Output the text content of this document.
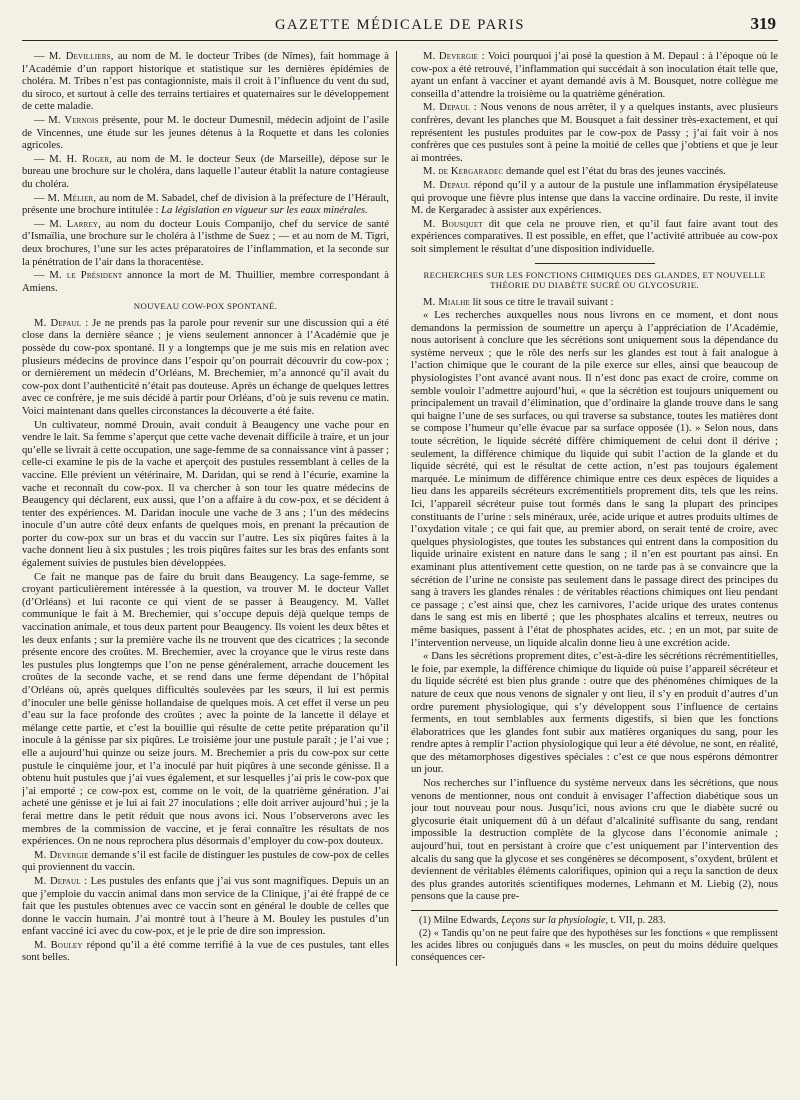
GAZETTE MÉDICALE DE PARIS	319

— M. Devilliers, au nom de M. le docteur Tribes (de Nîmes), fait hommage à l’Académie d’un rapport historique et statistique sur les dernières épidémies de choléra. M. Tribes n’est pas contagionniste, mais il croit à l’influence du vent du sud, du siroco, et surtout à celle des terrains tertiaires et quaternaires sur le développement de cette maladie.

— M. Vernois présente, pour M. le docteur Dumesnil, médecin adjoint de l’asile de Vincennes, une étude sur les jeunes détenus à la Roquette et dans les colonies agricoles.

— M. H. Roger, au nom de M. le docteur Seux (de Marseille), dépose sur le bureau une brochure sur le choléra, dans laquelle l’auteur établit la nature contagieuse du choléra.

— M. Mélier, au nom de M. Sabadel, chef de division à la préfecture de l’Hérault, présente une brochure intitulée : La législation en vigueur sur les eaux minérales.

— M. Larrey, au nom du docteur Louis Companijo, chef du service de santé d’Ismaïlia, une brochure sur le choléra à l’isthme de Suez ; — et au nom de M. Tigri, deux brochures, l’une sur les actes préparatoires de l’inflammation, et la seconde sur la pénétration de l’air dans la thoracentèse.

— M. le Président annonce la mort de M. Thuillier, membre correspondant à Amiens.

NOUVEAU COW-POX SPONTANÉ.

M. Depaul : Je ne prends pas la parole pour revenir sur une discussion qui a été close dans la dernière séance ; je viens seulement annoncer à l’Académie que je possède du cow-pox spontané. Il y a longtemps que je me suis mis en relation avec plusieurs médecins de province dans l’espoir qu’on pourrait découvrir du cow-pox ; or dernièrement un médecin d’Orléans, M. Brechemier, m’a annoncé qu’il avait du cow-pox dont l’authenticité n’était pas douteuse. Après un échange de quelques lettres avec ce confrère, je me suis décidé à partir pour Orléans, d’où je suis revenu ce matin. Voici maintenant dans quelles circonstances la découverte a été faite.

Un cultivateur, nommé Drouin, avait conduit à Beaugency une vache pour en vendre le lait. Sa femme s’aperçut que cette vache devenait difficile à traire, et un jour qu’elle se livrait à cette occupation, une sage-femme de sa connaissance vint à passer ; celle-ci examine le pis de la vache et aperçoit des pustules ressemblant à celles de la vaccine. Elle prévient un vétérinaire, M. Daridan, qui se rend à l’écurie, examine la vache et reconnaît du cow-pox. Il va chercher à son tour les quatre médecins de Beaugency qui déclarent, eux aussi, que l’on a affaire à du cow-pox, et se décident à tenter des expériences. M. Daridan inocule une vache de 3 ans ; l’un des médecins inocule d’un autre côté deux enfants de quelques mois, en prenant la précaution de porter du cow-pox sur un bras et du vaccin sur l’autre. Les six piqûres faites à la vache donnent lieu à six pustules ; les trois piqûres faites sur les bras des enfants sont également suivies de pustules bien développées.

Ce fait ne manque pas de faire du bruit dans Beaugency. La sage-femme, se croyant particulièrement intéressée à la question, va trouver M. le docteur Vallet (d’Orléans) et lui raconte ce qui vient de se passer à Beaugency. M. Vallet communique le fait à M. Brechemier, qui s’occupe depuis déjà quelque temps de vaccination animale, et tous deux partent pour Beaugency. Ils voient les deux bêtes et les deux enfants ; sur la première vache ils ne trouvent que des cicatrices ; la seconde présente encore des croûtes. M. Brechemier, avec la croyance que le virus reste dans les pustules plus longtemps que l’on ne pense généralement, arrache doucement les croûtes de la seconde vache, et se rend dans une ferme dépendant de l’hôpital d’Orléans où, après quelques difficultés soulevées par les sœurs, il lui est permis d’inoculer une belle génisse hollandaise de quelques mois. A cet effet il verse un peu d’eau sur la face profonde des croûtes ; avec la pointe de la lancette il délaye et mélange cette partie, et c’est la bouillie qui résulte de cette petite préparation qu’il inocule à la génisse par six piqûres. Le troisième jour une pustule paraît ; je l’ai vue ; elle a aujourd’hui quinze ou seize jours. M. Brechemier a pris du cow-pox sur cette pustule le cinquième jour, et l’a inoculé par huit piqûres à une seconde génisse. Il a obtenu huit pustules que j’ai vues également, et sur lesquelles j’ai pris le cow-pox que j’ai emporté ; ce cow-pox est, comme on le voit, de la quatrième génération. J’ai acheté une génisse et je lui ai fait 27 inoculations ; elle doit arriver aujourd’hui ; je la ferai mettre dans le petit réduit que nous avons ici. Nous l’observerons avec les membres de la commission de vaccine, et je ferai connaître les résultats de nos expériences. On ne nous reprochera plus désormais d’employer du cow-pox douteux.

M. Devergie demande s’il est facile de distinguer les pustules de cow-pox de celles qui proviennent du vaccin.

M. Depaul : Les pustules des enfants que j’ai vus sont magnifiques. Depuis un an que j’emploie du vaccin animal dans mon service de la Clinique, j’ai été frappé de ce fait que les pustules obtenues avec ce vaccin sont en général le double de celles que donne le vaccin humain. J’ai montré tout à l’heure à M. Bouley les pustules d’un enfant vacciné ici avec du cow-pox, et je le prie de dire son impression.

M. Bouley répond qu’il a été comme terrifié à la vue de ces pustules, tant elles sont belles.

M. Devergie : Voici pourquoi j’ai posé la question à M. Depaul : à l’époque où le cow-pox a été retrouvé, l’inflammation qui succédait à son inoculation était telle que, ayant un enfant à vacciner et ayant demandé avis à M. Bousquet, notre collègue me conseilla d’attendre la troisième ou la quatrième génération.

M. Depaul : Nous venons de nous arrêter, il y a quelques instants, avec plusieurs confrères, devant les planches que M. Bousquet a fait dessiner très-exactement, et qui représentent les pustules produites par le cow-pox de Passy ; j’ai fait voir à nos confrères que ces pustules sont à peine la moitié de celles que j’obtiens et que je leur ai montrées.

M. de Kergaradec demande quel est l’état du bras des jeunes vaccinés.

M. Depaul répond qu’il y a autour de la pustule une inflammation érysipélateuse qui provoque une fièvre plus intense que dans la vaccine ordinaire. Du reste, il invite M. de Kergaradec à assister aux expériences.

M. Bousquet dit que cela ne prouve rien, et qu’il faut faire avant tout des expériences comparatives. Il est possible, en effet, que l’activité attribuée au cow-pox soit simplement le résultat d’une disposition individuelle.

RECHERCHES SUR LES FONCTIONS CHIMIQUES DES GLANDES, ET NOUVELLE THÉORIE DU DIABÈTE SUCRÉ OU GLYCOSURIE.

M. Mialhe lit sous ce titre le travail suivant :

« Les recherches auxquelles nous nous livrons en ce moment, et dont nous demandons la permission de soumettre un aperçu à l’appréciation de l’Académie, nous autorisent à conclure que les sécrétions sont uniquement sous la dépendance du système nerveux ; que le rôle des nerfs sur les glandes est tout à fait analogue à l’action chimique que le courant de la pile exerce sur elles, ainsi que beaucoup de physiologistes l’ont avancé avant nous. Il n’est donc pas exact de croire, comme on semble vouloir l’admettre aujourd’hui, « que la sécrétion est toujours uniquement ou principalement un travail d’élimination, que d’ordinaire la glande trouve dans le sang qui baigne l’une de ses surfaces, ou qui traverse sa substance, toutes les matières dont se compose l’humeur qu’elle évacue par sa surface opposée (1). » Selon nous, dans toute sécrétion, le liquide sécrété diffère chimiquement de celui dont il dérive ; seulement, la différence chimique du liquide qui subit l’action de la glande et du liquide sécrété, qui est le résultat de cette action, n’est pas toujours également marquée. Le minimum de différence chimique entre ces deux espèces de liquides a lieu dans les appareils sécréteurs excrémentitiels proprement dits, tels que les reins. Ici, l’appareil sécréteur puise tout formés dans le sang la plupart des principes constituants de l’urine : sels minéraux, urée, acide urique et autres produits ultimes de l’oxydation vitale ; ce qui fait que, au premier abord, on serait tenté de croire, avec quelques physiologistes, que toutes les substances qui entrent dans la composition du liquide urinaire existent en nature dans le sang ; il n’en est pourtant pas ainsi. En examinant plus attentivement cette question, on ne tarde pas à se convaincre que la sécrétion de l’urine ne consiste pas seulement dans le passage direct des principes du sang à travers les glandes rénales : de véritables réactions chimiques ont lieu pendant ce passage ; c’est ainsi que, chez les carnivores, l’acide urique des urates contenus dans le sang est mis en liberté ; que les phosphates alcalins et terreux, neutres ou même basiques, passent à l’état de phosphates acides, etc. ; en un mot, par suite de l’intervention nerveuse, un liquide alcalin donne lieu à une excrétion acide.

« Dans les sécrétions proprement dites, c’est-à-dire les sécrétions récrémentitielles, le foie, par exemple, la différence chimique du liquide où puise l’appareil sécréteur et du liquide sécrété est bien plus grande : outre que des phénomènes chimiques de la nature de ceux que nous venons de signaler y ont lieu, il s’y en produit d’autres d’un ordre purement physiologique, qui s’y développent sous l’influence de certains ferments, en tout semblables aux ferments digestifs, si bien que les fonctions élaboratrices que les glandes font subir aux matières organiques du sang, pour les rendre aptes à remplir l’action physiologique qui leur a été dévolue, ne sont, en réalité, que des métamorphoses digestives spéciales : c’est ce que nous espérons démontrer un jour.

Nos recherches sur l’influence du système nerveux dans les sécrétions, que nous venons de mentionner, nous ont conduit à envisager l’affection diabétique sous un jour tout nouveau pour nous. Jusqu’ici, nous avions cru que le diabète sucré ou glycosurie était uniquement dû à un défaut d’alcalinité suffisante du sang, rendant impossible la destruction complète de la glycose dans l’économie animale ; aujourd’hui, tout en persistant à croire que c’est uniquement par l’intervention des alcalis du sang que la glycose et ses congénères se décomposent, s’oxydent, brûlent et deviennent de véritables éléments calorifiques, opinion qui a reçu la sanction de deux des plus grandes autorités scientifiques modernes, Lehmann et M. Liebig (2), nous pensons que la cause pre-

(1) Milne Edwards, Leçons sur la physiologie, t. VII, p. 283.

(2) « Tandis qu’on ne peut faire que des hypothèses sur les fonctions « que remplissent les acides libres ou conjugués dans « les muscles, on peut du moins déduire quelques conséquences cer-
